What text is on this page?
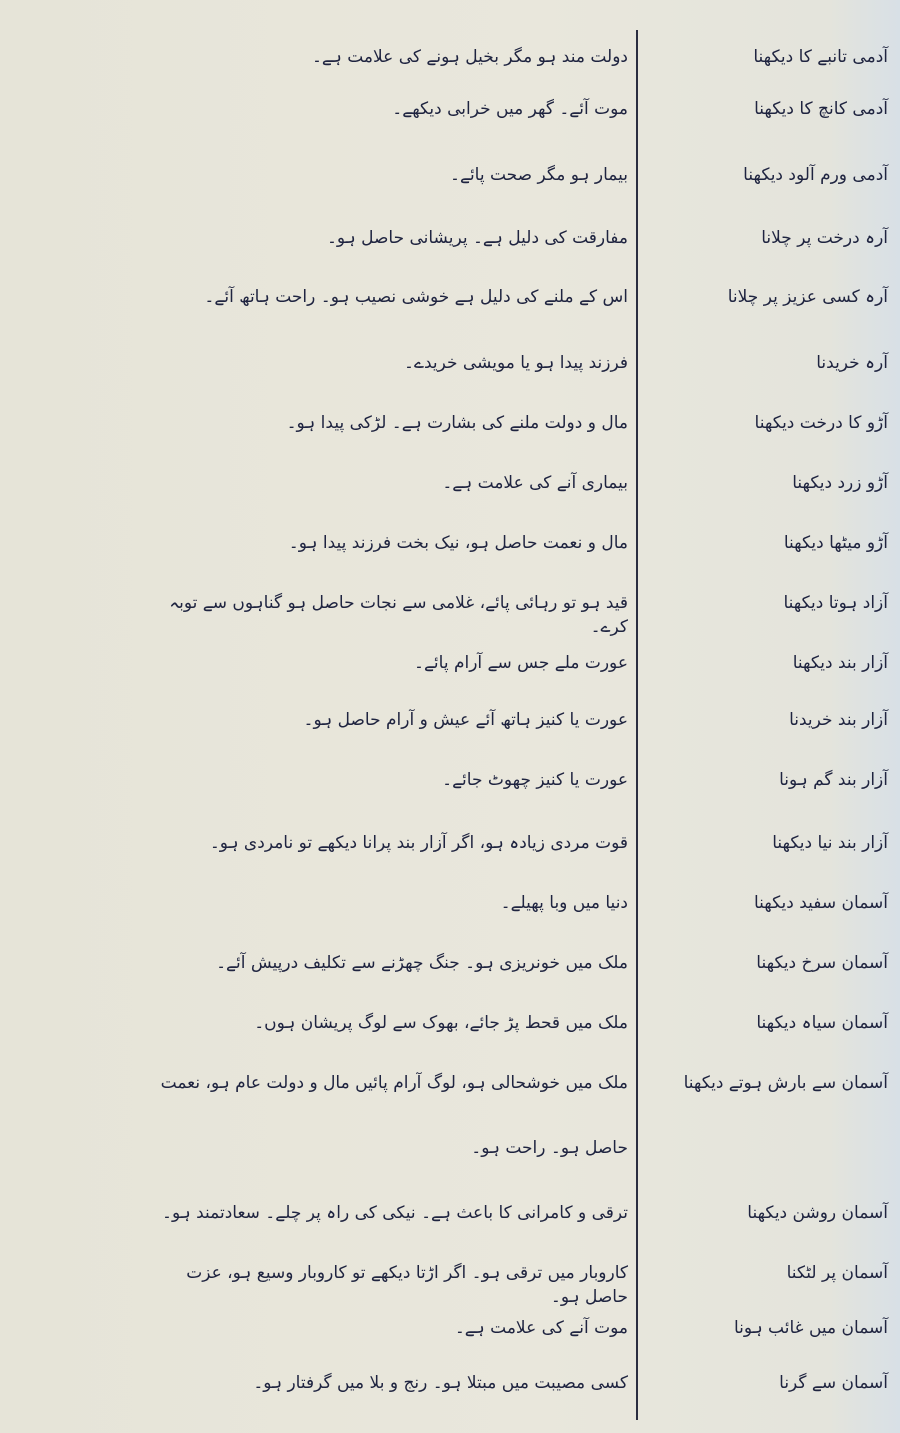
آدمی تانبے کا دیکھنا
دولت مند ہو مگر بخیل ہونے کی علامت ہے۔
آدمی کانچ کا دیکھنا
موت آئے۔ گھر میں خرابی دیکھے۔
آدمی ورم آلود دیکھنا
بیمار ہو مگر صحت پائے۔
آرہ درخت پر چلانا
مفارقت کی دلیل ہے۔ پریشانی حاصل ہو۔
آرہ کسی عزیز پر چلانا
اس کے ملنے کی دلیل ہے خوشی نصیب ہو۔ راحت ہاتھ آئے۔
آرہ خریدنا
فرزند پیدا ہو یا مویشی خریدے۔
آڑو کا درخت دیکھنا
مال و دولت ملنے کی بشارت ہے۔ لڑکی پیدا ہو۔
آڑو زرد دیکھنا
بیماری آنے کی علامت ہے۔
آڑو میٹھا دیکھنا
مال و نعمت حاصل ہو، نیک بخت فرزند پیدا ہو۔
آزاد ہوتا دیکھنا
قید ہو تو رہائی پائے، غلامی سے نجات حاصل ہو گناہوں سے توبہ کرے۔
آزار بند دیکھنا
عورت ملے جس سے آرام پائے۔
آزار بند خریدنا
عورت یا کنیز ہاتھ آئے عیش و آرام حاصل ہو۔
آزار بند گم ہونا
عورت یا کنیز چھوٹ جائے۔
آزار بند نیا دیکھنا
قوت مردی زیادہ ہو، اگر آزار بند پرانا دیکھے تو نامردی ہو۔
آسمان سفید دیکھنا
دنیا میں وبا پھیلے۔
آسمان سرخ دیکھنا
ملک میں خونریزی ہو۔ جنگ چھڑنے سے تکلیف درپیش آئے۔
آسمان سیاہ دیکھنا
ملک میں قحط پڑ جائے، بھوک سے لوگ پریشان ہوں۔
آسمان سے بارش ہوتے دیکھنا
ملک میں خوشحالی ہو، لوگ آرام پائیں مال و دولت عام ہو، نعمت
حاصل ہو۔ راحت ہو۔
آسمان روشن دیکھنا
ترقی و کامرانی کا باعث ہے۔ نیکی کی راہ پر چلے۔ سعادتمند ہو۔
آسمان پر لٹکنا
کاروبار میں ترقی ہو۔ اگر اڑتا دیکھے تو کاروبار وسیع ہو، عزت حاصل ہو۔
آسمان میں غائب ہونا
موت آنے کی علامت ہے۔
آسمان سے گرنا
کسی مصیبت میں مبتلا ہو۔ رنج و بلا میں گرفتار ہو۔
